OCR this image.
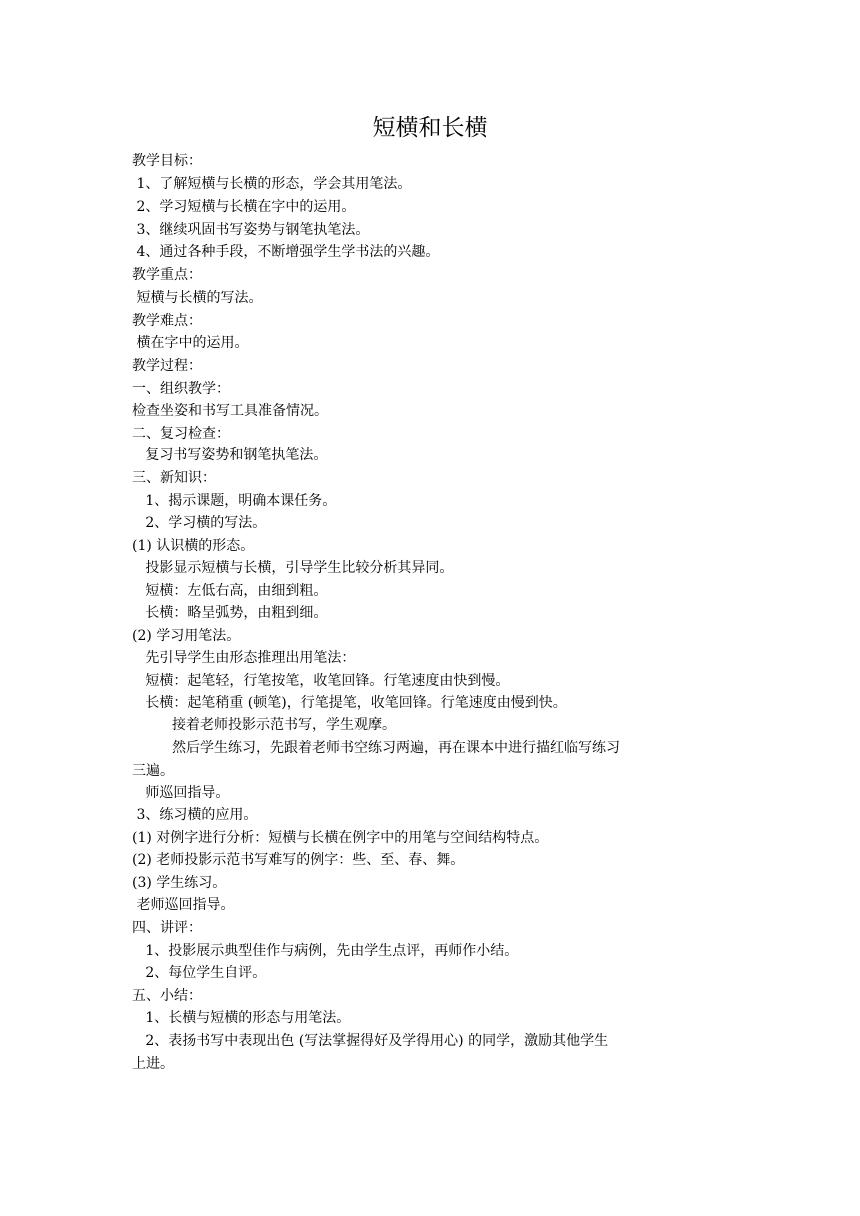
短横和长横
教学目标：
1、了解短横与长横的形态，学会其用笔法。
2、学习短横与长横在字中的运用。
3、继续巩固书写姿势与钢笔执笔法。
4、通过各种手段，不断增强学生学书法的兴趣。
教学重点：
短横与长横的写法。
教学难点：
横在字中的运用。
教学过程：
一、组织教学：
检查坐姿和书写工具准备情况。
二、复习检查：
复习书写姿势和钢笔执笔法。
三、新知识：
1、揭示课题，明确本课任务。
2、学习横的写法。
(1) 认识横的形态。
投影显示短横与长横，引导学生比较分析其异同。
短横：左低右高，由细到粗。
长横：略呈弧势，由粗到细。
(2) 学习用笔法。
先引导学生由形态推理出用笔法：
短横：起笔轻，行笔按笔，收笔回锋。行笔速度由快到慢。
长横：起笔稍重 (顿笔)，行笔提笔，收笔回锋。行笔速度由慢到快。
接着老师投影示范书写，学生观摩。
然后学生练习，先跟着老师书空练习两遍，再在课本中进行描红临写练习
三遍。
师巡回指导。
3、练习横的应用。
(1) 对例字进行分析：短横与长横在例字中的用笔与空间结构特点。
(2) 老师投影示范书写难写的例字：些、至、春、舞。
(3) 学生练习。
老师巡回指导。
四、讲评：
1、投影展示典型佳作与病例，先由学生点评，再师作小结。
2、每位学生自评。
五、小结：
1、长横与短横的形态与用笔法。
2、表扬书写中表现出色 (写法掌握得好及学得用心) 的同学，激励其他学生
上进。
